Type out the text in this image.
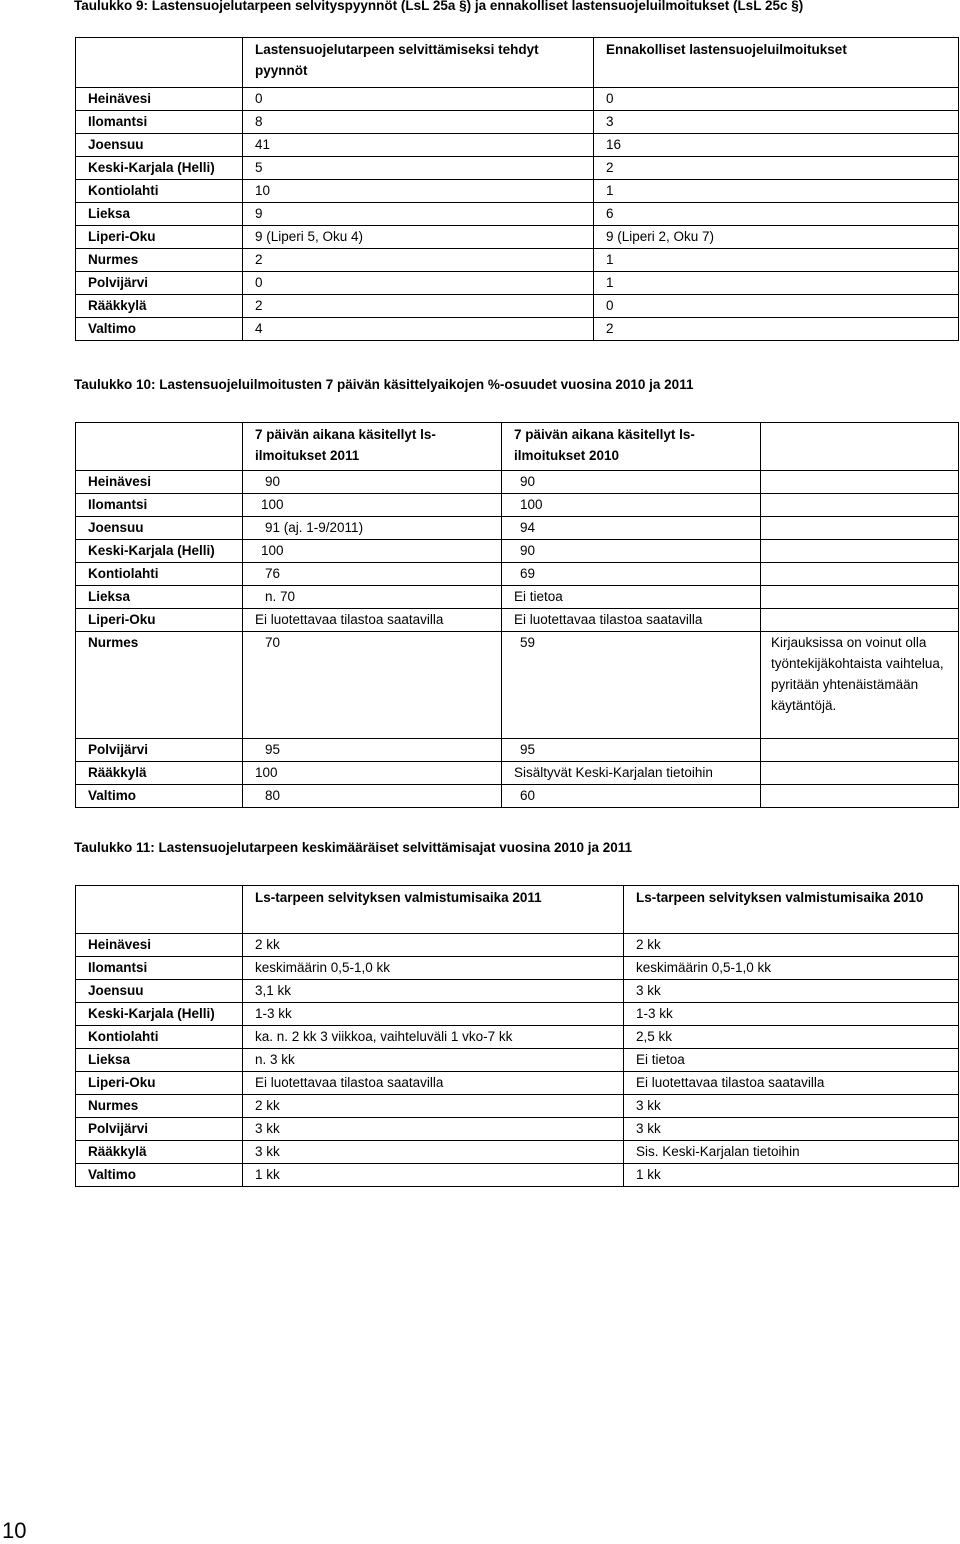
Taulukko 9: Lastensuojelutarpeen selvityspyynnöt (LsL 25a §) ja ennakolliset lastensuojeluilmoitukset (LsL 25c §)
	Lastensuojelutarpeen selvittämiseksi tehdyt pyynnöt	Ennakolliset lastensuojeluilmoitukset
Heinävesi	0	0
Ilomantsi	8	3
Joensuu	41	16
Keski-Karjala (Helli)	5	2
Kontiolahti	10	1
Lieksa	9	6
Liperi-Oku	9 (Liperi 5, Oku 4)	9 (Liperi 2, Oku 7)
Nurmes	2	1
Polvijärvi	0	1
Rääkkylä	2	0
Valtimo	4	2
Taulukko 10: Lastensuojeluilmoitusten 7 päivän käsittelyaikojen %-osuudet vuosina 2010 ja 2011
	7 päivän aikana käsitellyt ls-ilmoitukset 2011	7 päivän aikana käsitellyt ls-ilmoitukset 2010	
Heinävesi	90	90	
Ilomantsi	100	100	
Joensuu	91 (aj. 1-9/2011)	94	
Keski-Karjala (Helli)	100	90	
Kontiolahti	76	69	
Lieksa	n. 70	Ei tietoa	
Liperi-Oku	Ei luotettavaa tilastoa saatavilla	Ei luotettavaa tilastoa saatavilla	
Nurmes	70	59	Kirjauksissa on voinut olla työntekijäkohtaista vaihtelua, pyritään yhtenäistämään käytäntöjä.
Polvijärvi	95	95	
Rääkkylä	100	Sisältyvät Keski-Karjalan tietoihin	
Valtimo	80	60	
Taulukko 11: Lastensuojelutarpeen keskimääräiset selvittämisajat vuosina 2010 ja 2011
	Ls-tarpeen selvityksen valmistumisaika 2011	Ls-tarpeen selvityksen valmistumisaika 2010
Heinävesi	2 kk	2 kk
Ilomantsi	keskimäärin 0,5-1,0 kk	keskimäärin 0,5-1,0 kk
Joensuu	3,1 kk	3 kk
Keski-Karjala (Helli)	1-3 kk	1-3 kk
Kontiolahti	ka. n. 2 kk 3 viikkoa, vaihteluväli 1 vko-7 kk	2,5 kk
Lieksa	n. 3 kk	Ei tietoa
Liperi-Oku	Ei luotettavaa tilastoa saatavilla	Ei luotettavaa tilastoa saatavilla
Nurmes	2 kk	3 kk
Polvijärvi	3 kk	3 kk
Rääkkylä	3 kk	Sis. Keski-Karjalan tietoihin
Valtimo	1 kk	1 kk
10
